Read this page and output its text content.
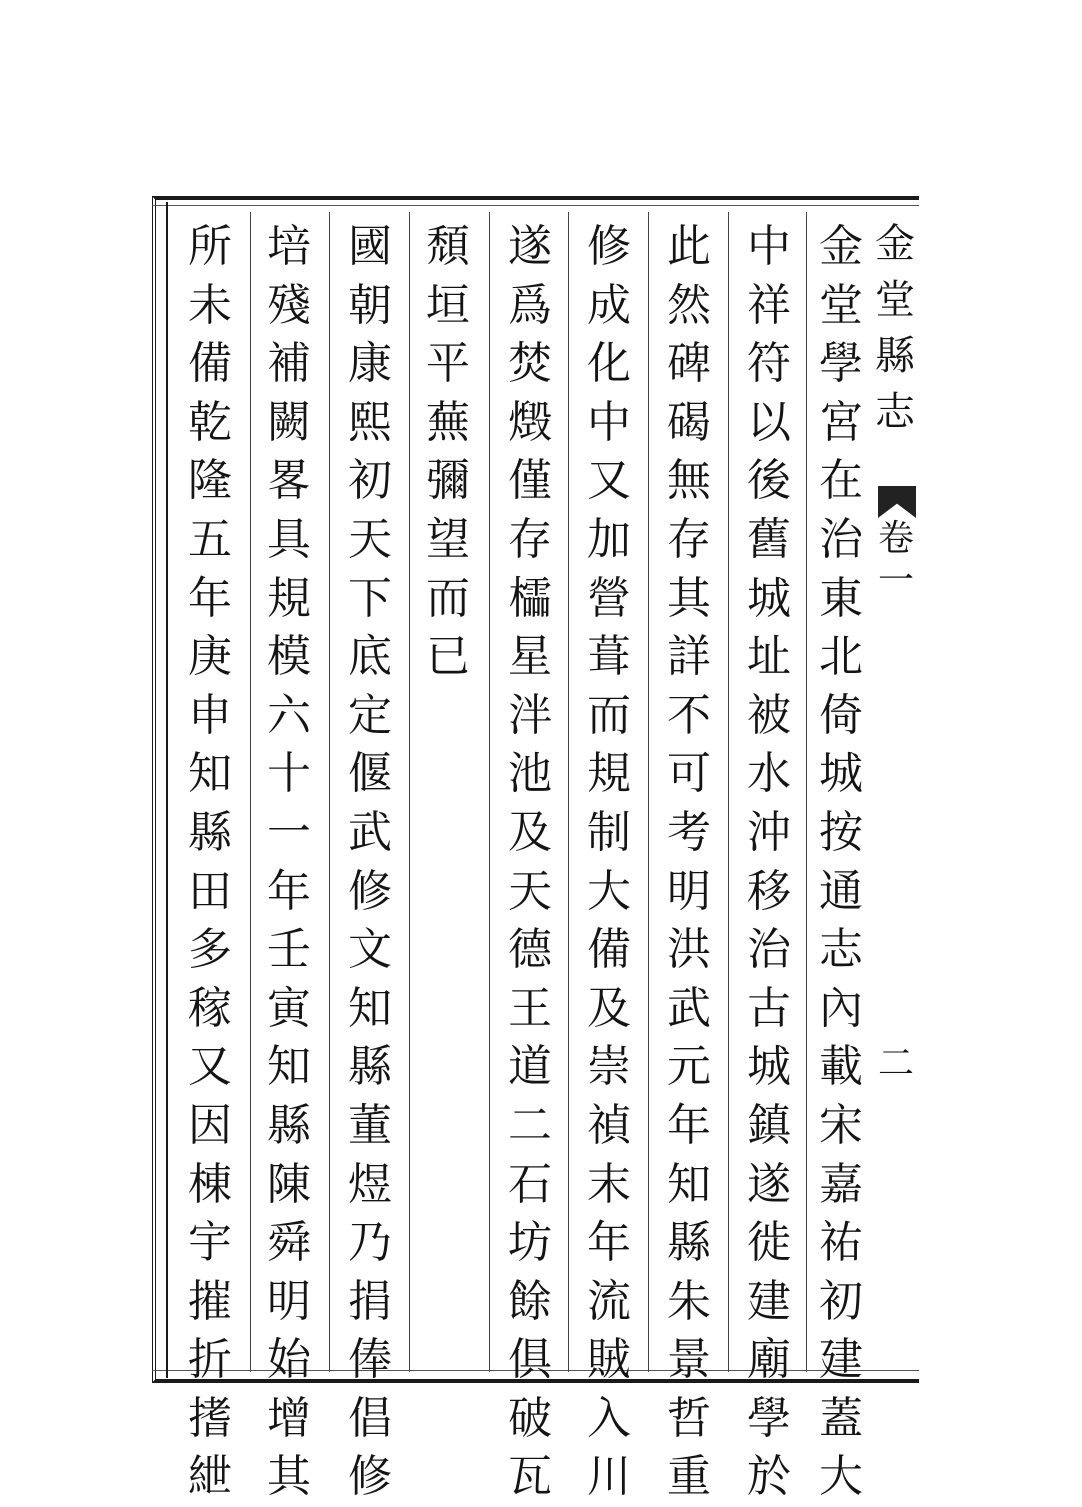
金
堂
縣
志
卷
一
二
金
堂
學
宮
在
治
東
北
倚
城
按
通
志
內
載
宋
嘉
祐
初
建
蓋
大
中
祥
符
以
後
舊
城
址
被
水
沖
移
治
古
城
鎮
遂
徙
建
廟
學
於
此
然
碑
碣
無
存
其
詳
不
可
考
明
洪
武
元
年
知
縣
朱
景
哲
重
修
成
化
中
又
加
營
葺
而
規
制
大
備
及
崇
禎
末
年
流
賊
入
川
遂
爲
焚
燬
僅
存
櫺
星
泮
池
及
天
德
王
道
二
石
坊
餘
俱
破
瓦
頹
垣
平
蕪
彌
望
而
已
國
朝
康
熙
初
天
下
底
定
偃
武
修
文
知
縣
董
煜
乃
捐
俸
倡
修
培
殘
補
闕
畧
具
規
模
六
十
一
年
壬
寅
知
縣
陳
舜
明
始
增
其
所
未
備
乾
隆
五
年
庚
申
知
縣
田
多
稼
又
因
棟
宇
摧
折
搘
紲
